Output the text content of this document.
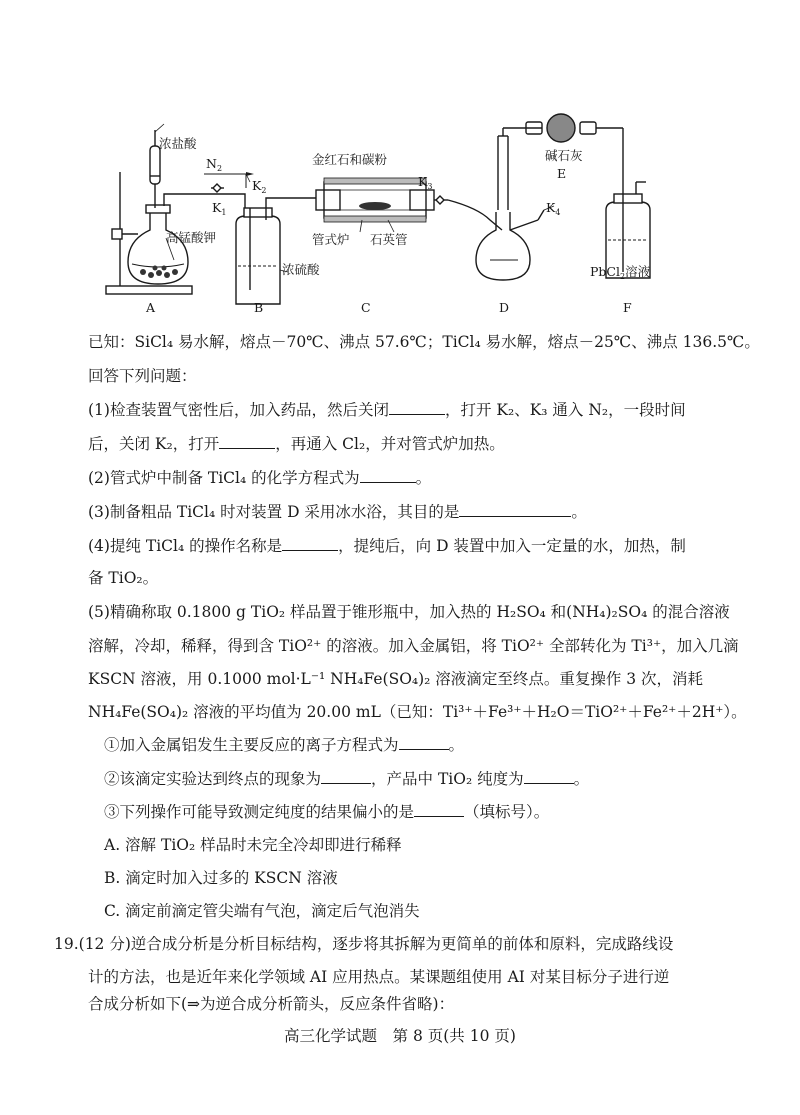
浓盐酸
高锰酸钾
$N_2$
$K_1$
$K_2$
金红石和碳粉
管式炉 石英管
浓硫酸
$K_3$
$K_4$
碱石灰
E
PbCl$_2$溶液
A	B	C	D	F
已知：SiCl₄ 易水解，熔点－70℃、沸点 57.6℃；TiCl₄ 易水解，熔点－25℃、沸点 136.5℃。
回答下列问题：
(1)检查装置气密性后，加入药品，然后关闭	，打开 K₂、K₃ 通入 N₂，一段时间
后，关闭 K₂，打开	，再通入 Cl₂，并对管式炉加热。
(2)管式炉中制备 TiCl₄ 的化学方程式为	。
(3)制备粗品 TiCl₄ 时对装置 D 采用冰水浴，其目的是	。
(4)提纯 TiCl₄ 的操作名称是	，提纯后，向 D 装置中加入一定量的水，加热，制
备 TiO₂。
(5)精确称取 0.1800 g TiO₂ 样品置于锥形瓶中，加入热的 H₂SO₄ 和(NH₄)₂SO₄ 的混合溶液
溶解，冷却，稀释，得到含 TiO²⁺ 的溶液。加入金属铝，将 TiO²⁺ 全部转化为 Ti³⁺，加入几滴
KSCN 溶液，用 0.1000 mol·L⁻¹ NH₄Fe(SO₄)₂ 溶液滴定至终点。重复操作 3 次，消耗
NH₄Fe(SO₄)₂ 溶液的平均值为 20.00 mL（已知：Ti³⁺＋Fe³⁺＋H₂O＝TiO²⁺＋Fe²⁺＋2H⁺）。
①加入金属铝发生主要反应的离子方程式为	。
②该滴定实验达到终点的现象为	，产品中 TiO₂ 纯度为	。
③下列操作可能导致测定纯度的结果偏小的是	（填标号）。
A. 溶解 TiO₂ 样品时未完全冷却即进行稀释
B. 滴定时加入过多的 KSCN 溶液
C. 滴定前滴定管尖端有气泡，滴定后气泡消失
19.(12 分)逆合成分析是分析目标结构，逐步将其拆解为更简单的前体和原料，完成路线设
计的方法，也是近年来化学领域 AI 应用热点。某课题组使用 AI 对某目标分子进行逆
合成分析如下(⇒为逆合成分析箭头，反应条件省略)：
高三化学试题　第 8 页(共 10 页)
